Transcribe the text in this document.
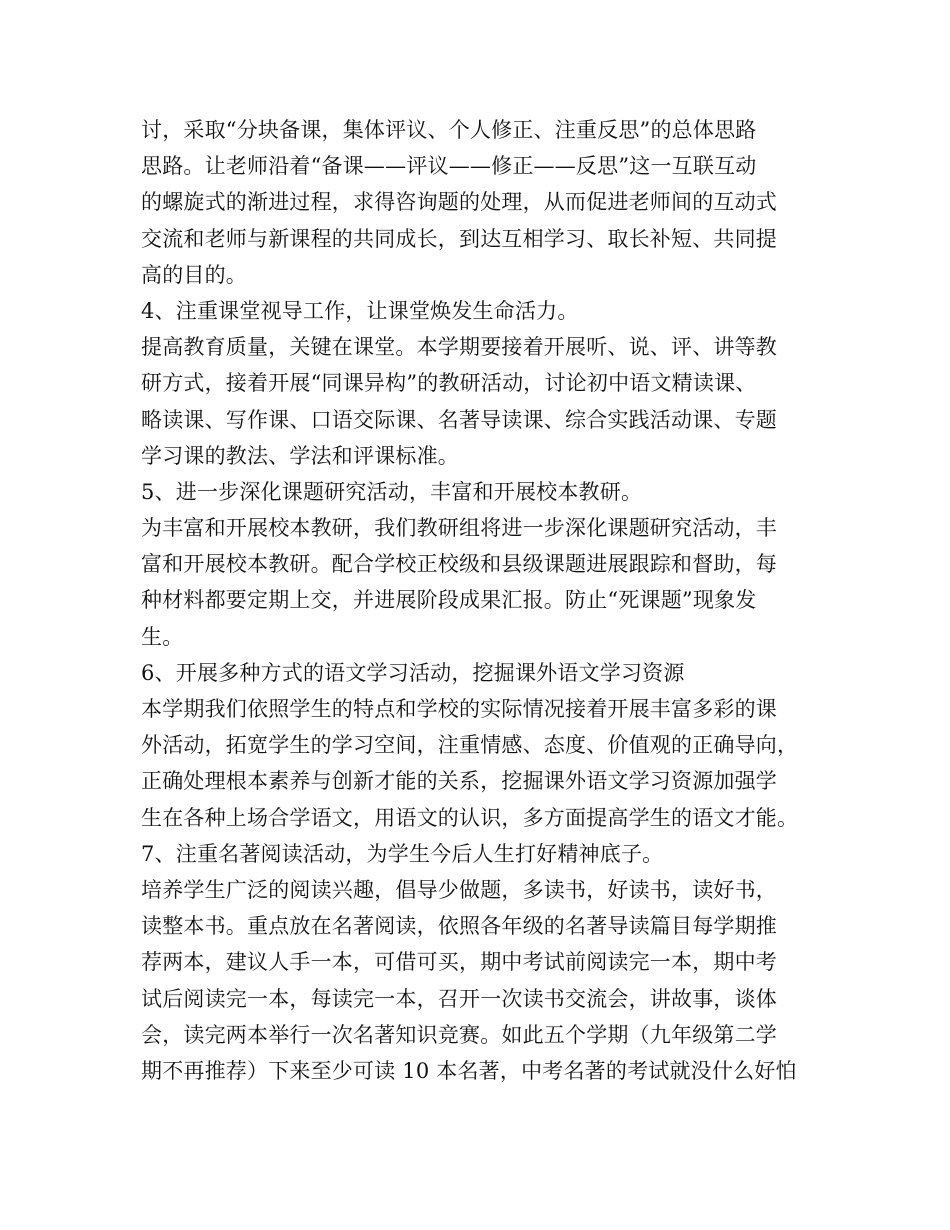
讨，采取“分块备课，集体评议、个人修正、注重反思”的总体思路
思路。让老师沿着“备课——评议——修正——反思”这一互联互动
的螺旋式的渐进过程，求得咨询题的处理，从而促进老师间的互动式
交流和老师与新课程的共同成长，到达互相学习、取长补短、共同提
高的目的。
4、注重课堂视导工作，让课堂焕发生命活力。
提高教育质量，关键在课堂。本学期要接着开展听、说、评、讲等教
研方式，接着开展“同课异构”的教研活动，讨论初中语文精读课、
略读课、写作课、口语交际课、名著导读课、综合实践活动课、专题
学习课的教法、学法和评课标准。
5、进一步深化课题研究活动，丰富和开展校本教研。
为丰富和开展校本教研，我们教研组将进一步深化课题研究活动，丰
富和开展校本教研。配合学校正校级和县级课题进展跟踪和督助，每
种材料都要定期上交，并进展阶段成果汇报。防止“死课题”现象发
生。
6、开展多种方式的语文学习活动，挖掘课外语文学习资源
本学期我们依照学生的特点和学校的实际情况接着开展丰富多彩的课
外活动，拓宽学生的学习空间，注重情感、态度、价值观的正确导向，
正确处理根本素养与创新才能的关系，挖掘课外语文学习资源加强学
生在各种上场合学语文，用语文的认识，多方面提高学生的语文才能。
7、注重名著阅读活动，为学生今后人生打好精神底子。
培养学生广泛的阅读兴趣，倡导少做题，多读书，好读书，读好书，
读整本书。重点放在名著阅读，依照各年级的名著导读篇目每学期推
荐两本，建议人手一本，可借可买，期中考试前阅读完一本，期中考
试后阅读完一本，每读完一本，召开一次读书交流会，讲故事，谈体
会，读完两本举行一次名著知识竞赛。如此五个学期（九年级第二学
期不再推荐）下来至少可读 10 本名著，中考名著的考试就没什么好怕
